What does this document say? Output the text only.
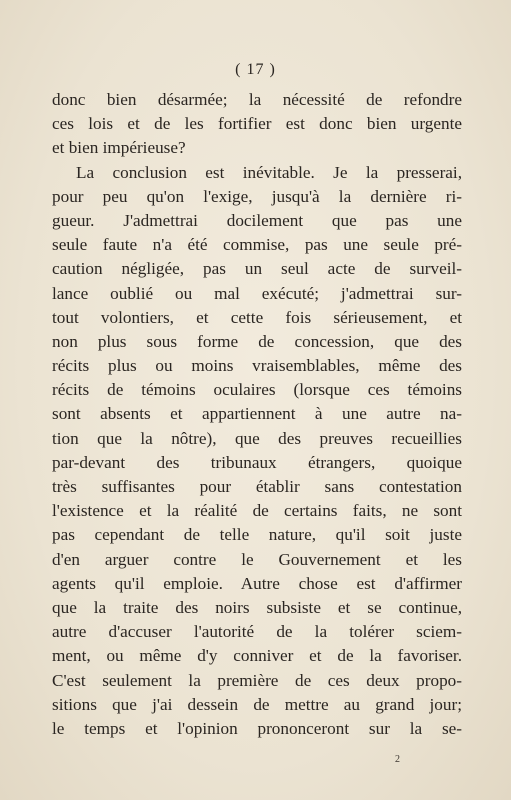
( 17 )
donc bien désarmée; la nécessité de refondre
ces lois et de les fortifier est donc bien urgente
et bien impérieuse?
La conclusion est inévitable. Je la presserai,
pour peu qu'on l'exige, jusqu'à la dernière ri-
gueur. J'admettrai docilement que pas une
seule faute n'a été commise, pas une seule pré-
caution négligée, pas un seul acte de surveil-
lance oublié ou mal exécuté; j'admettrai sur-
tout volontiers, et cette fois sérieusement, et
non plus sous forme de concession, que des
récits plus ou moins vraisemblables, même des
récits de témoins oculaires (lorsque ces témoins
sont absents et appartiennent à une autre na-
tion que la nôtre), que des preuves recueillies
par-devant des tribunaux étrangers, quoique
très suffisantes pour établir sans contestation
l'existence et la réalité de certains faits, ne sont
pas cependant de telle nature, qu'il soit juste
d'en arguer contre le Gouvernement et les
agents qu'il emploie. Autre chose est d'affirmer
que la traite des noirs subsiste et se continue,
autre d'accuser l'autorité de la tolérer sciem-
ment, ou même d'y conniver et de la favoriser.
C'est seulement la première de ces deux propo-
sitions que j'ai dessein de mettre au grand jour;
le temps et l'opinion prononceront sur la se-
2
